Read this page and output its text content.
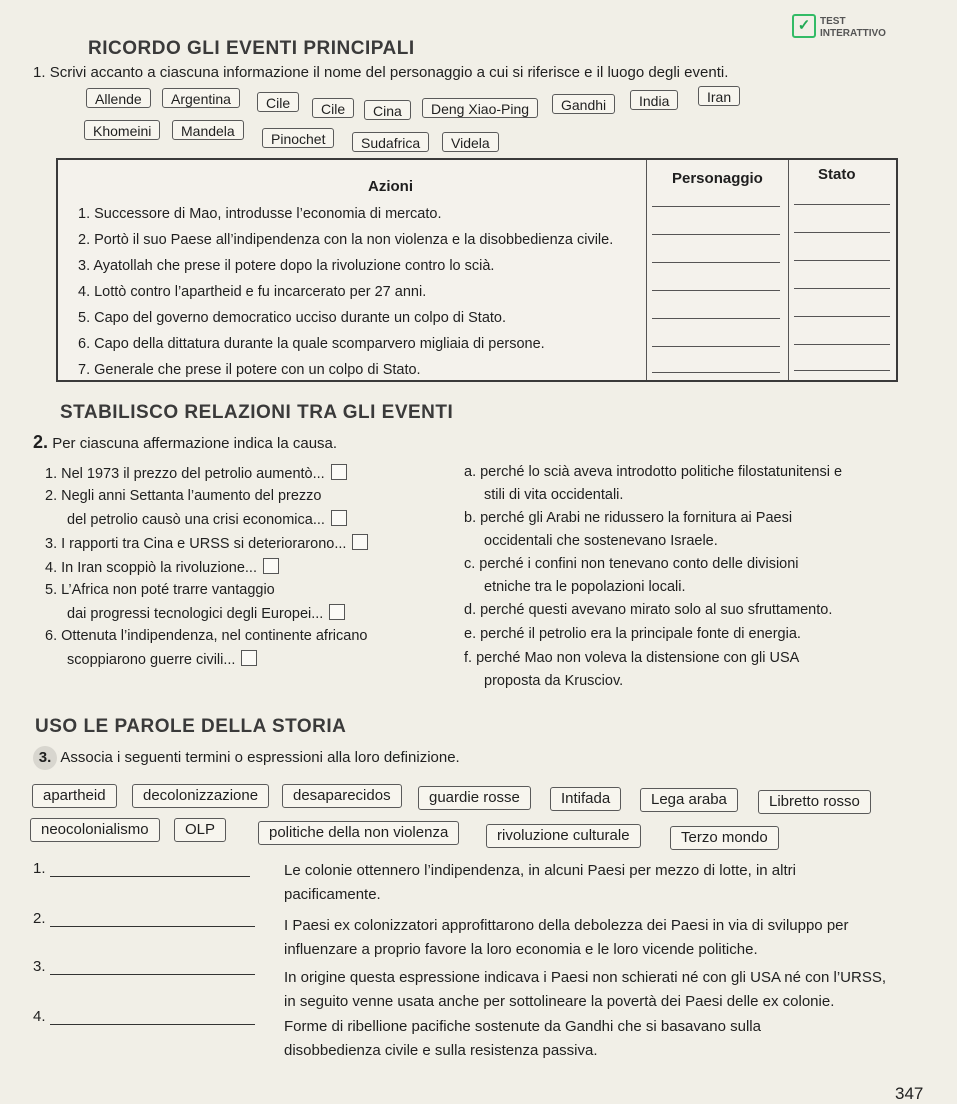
RICORDO GLI EVENTI PRINCIPALI
✓ TEST
INTERATTIVO
1. Scrivi accanto a ciascuna informazione il nome del personaggio a cui si riferisce e il luogo degli eventi.
Allende	Argentina	Cile	Cile	Cina	Deng Xiao-Ping	Gandhi	India	Iran
Khomeini	Mandela	Pinochet	Sudafrica	Videla
Azioni	Personaggio	Stato
1. Successore di Mao, introdusse l’economia di mercato.
2. Portò il suo Paese all’indipendenza con la non violenza e la disobbedienza civile.
3. Ayatollah che prese il potere dopo la rivoluzione contro lo scià.
4. Lottò contro l’apartheid e fu incarcerato per 27 anni.
5. Capo del governo democratico ucciso durante un colpo di Stato.
6. Capo della dittatura durante la quale scomparvero migliaia di persone.
7. Generale che prese il potere con un colpo di Stato.
STABILISCO RELAZIONI TRA GLI EVENTI
2. Per ciascuna affermazione indica la causa.
1. Nel 1973 il prezzo del petrolio aumentò...
2. Negli anni Settanta l’aumento del prezzo
del petrolio causò una crisi economica...
3. I rapporti tra Cina e URSS si deteriorarono...
4. In Iran scoppiò la rivoluzione...
5. L’Africa non poté trarre vantaggio
dai progressi tecnologici degli Europei...
6. Ottenuta l’indipendenza, nel continente africano
scoppiarono guerre civili...
a. perché lo scià aveva introdotto politiche filostatunitensi e
stili di vita occidentali.
b. perché gli Arabi ne ridussero la fornitura ai Paesi
occidentali che sostenevano Israele.
c. perché i confini non tenevano conto delle divisioni
etniche tra le popolazioni locali.
d. perché questi avevano mirato solo al suo sfruttamento.
e. perché il petrolio era la principale fonte di energia.
f. perché Mao non voleva la distensione con gli USA
proposta da Krusciov.
USO LE PAROLE DELLA STORIA
3. Associa i seguenti termini o espressioni alla loro definizione.
apartheid	decolonizzazione	desaparecidos	guardie rosse	Intifada	Lega araba	Libretto rosso
neocolonialismo	OLP	politiche della non violenza	rivoluzione culturale	Terzo mondo
1.	Le colonie ottennero l’indipendenza, in alcuni Paesi per mezzo di lotte, in altri
pacificamente.
2.	I Paesi ex colonizzatori approfittarono della debolezza dei Paesi in via di sviluppo per
influenzare a proprio favore la loro economia e le loro vicende politiche.
3.
In origine questa espressione indicava i Paesi non schierati né con gli USA né con l’URSS,
in seguito venne usata anche per sottolineare la povertà dei Paesi delle ex colonie.
4.
Forme di ribellione pacifiche sostenute da Gandhi che si basavano sulla
disobbedienza civile e sulla resistenza passiva.
347
